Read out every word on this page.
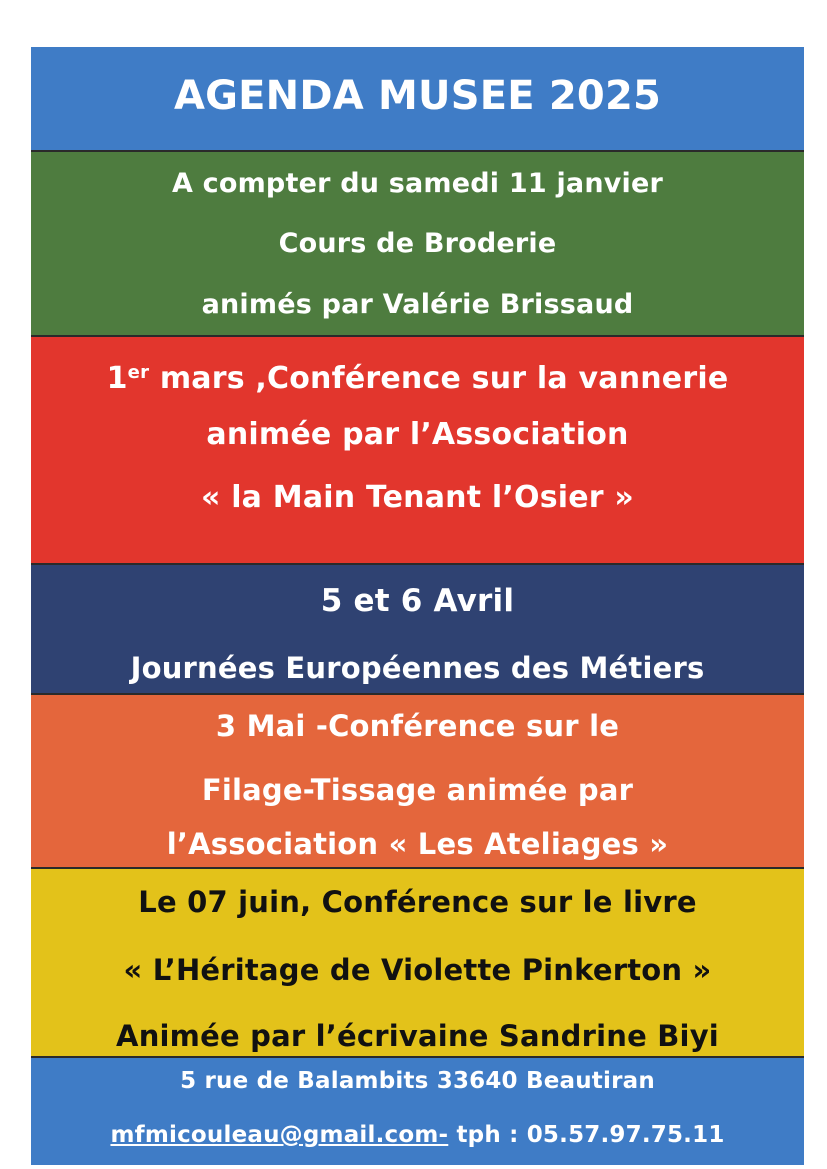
AGENDA MUSEE 2025
A compter du samedi 11 janvier
Cours de Broderie
animés par Valérie Brissaud
1er mars ,Conférence sur la vannerie
animée par l’Association
« la Main Tenant l’Osier »
5 et 6 Avril
Journées Européennes des Métiers
3 Mai -Conférence sur le
Filage-Tissage animée par
l’Association « Les Ateliages »
Le 07 juin, Conférence sur le livre
« L’Héritage de Violette Pinkerton »
Animée par l’écrivaine Sandrine Biyi
5 rue de Balambits 33640 Beautiran
mfmicouleau@gmail.com- tph : 05.57.97.75.11
